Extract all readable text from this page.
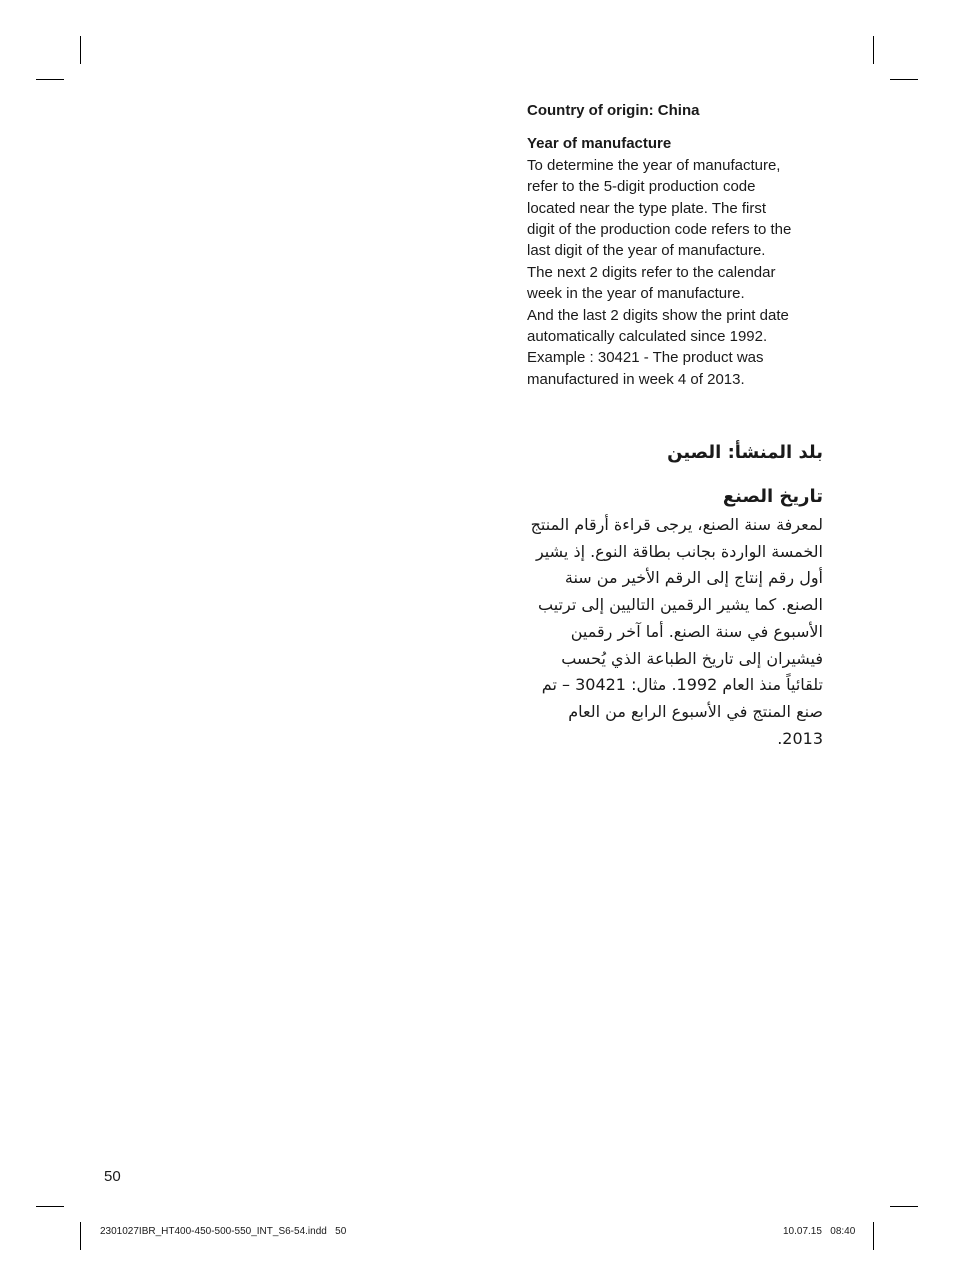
Country of origin: China

Year of manufacture

To determine the year of manufacture,
refer to the 5-digit production code
located near the type plate. The first
digit of the production code refers to the
last digit of the year of manufacture.
The next 2 digits refer to the calendar
week in the year of manufacture.
And the last 2 digits show the print date
automatically calculated since 1992.
Example : 30421 - The product was
manufactured in week 4 of 2013.

بلد المنشأ: الصين

تاريخ الصنع

لمعرفة سنة الصنع، يرجى قراءة أرقام المنتج
الخمسة الواردة بجانب بطاقة النوع. إذ يشير
أول رقم إنتاج إلى الرقم الأخير من سنة
الصنع. كما يشير الرقمين التاليين إلى ترتيب
الأسبوع في سنة الصنع. أما آخر رقمين
فيشيران إلى تاريخ الطباعة الذي يُحسب
تلقائياً منذ العام 1992. مثال: 30421 – تم
صنع المنتج في الأسبوع الرابع من العام
2013.
50
2301027IBR_HT400-450-500-550_INT_S6-54.indd   50	10.07.15   08:40
